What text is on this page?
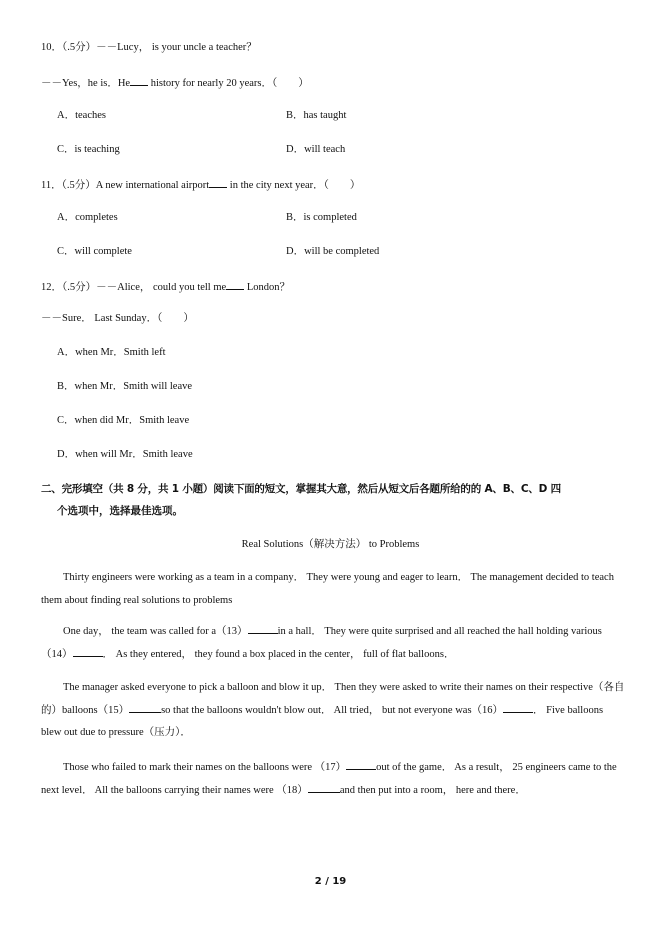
10．（.5分）－－Lucy， is your uncle a teacher？
－－Yes，he is．He history for nearly 20 years．（　　）
A．teaches	B．has taught
C．is teaching	D．will teach
11．（.5分）A new international airport in the city next year．（　　）
A．completes	B．is completed
C．will complete	D．will be completed
12．（.5分）－－Alice， could you tell me London？
－－Sure． Last Sunday．（　　）
A．when Mr．Smith left
B．when Mr．Smith will leave
C．when did Mr．Smith leave
D．when will Mr．Smith leave
二、完形填空（共 8 分，共 1 小题）阅读下面的短文，掌握其大意，然后从短文后各题所给的的 A、B、C、D 四
个选项中，选择最佳选项。
Real Solutions（解决方法） to Problems
Thirty engineers were working as a team in a company． They were young and eager to learn． The management decided to teach them about finding real solutions to problems
One day， the team was called for a（13）	in a hall． They were quite surprised and all reached the hall holding various（14）	． As they entered， they found a box placed in the center， full of flat balloons．
The manager asked everyone to pick a balloon and blow it up． Then they were asked to write their names on their respective（各自的）balloons（15）	so that the balloons wouldn't blow out． All tried， but not everyone was（16）	． Five balloons blew out due to pressure（压力）．
Those who failed to mark their names on the balloons were （17）	out of the game． As a result， 25 engineers came to the next level． All the balloons carrying their names were （18）	and then put into a room， here and there．
2 / 19
